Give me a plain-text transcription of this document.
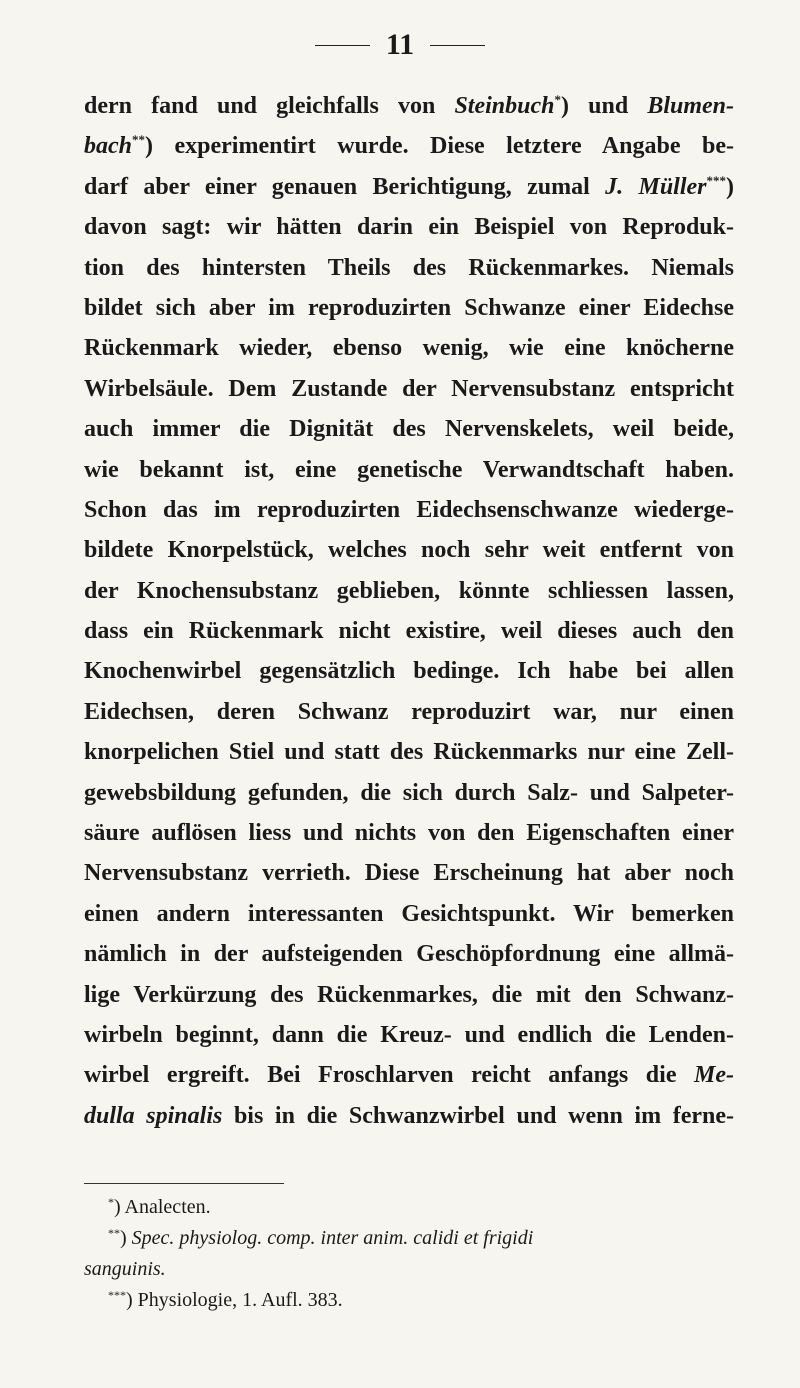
11
dern fand und gleichfalls von Steinbuch*) und Blumen-
bach**) experimentirt wurde. Diese letztere Angabe be-
darf aber einer genauen Berichtigung, zumal J. Müller***)
davon sagt: wir hätten darin ein Beispiel von Reproduk-
tion des hintersten Theils des Rückenmarkes. Niemals
bildet sich aber im reproduzirten Schwanze einer Eidechse
Rückenmark wieder, ebenso wenig, wie eine knöcherne
Wirbelsäule. Dem Zustande der Nervensubstanz entspricht
auch immer die Dignität des Nervenskelets, weil beide,
wie bekannt ist, eine genetische Verwandtschaft haben.
Schon das im reproduzirten Eidechsenschwanze wiederge-
bildete Knorpelstück, welches noch sehr weit entfernt von
der Knochensubstanz geblieben, könnte schliessen lassen,
dass ein Rückenmark nicht existire, weil dieses auch den
Knochenwirbel gegensätzlich bedinge. Ich habe bei allen
Eidechsen, deren Schwanz reproduzirt war, nur einen
knorpelichen Stiel und statt des Rückenmarks nur eine Zell-
gewebsbildung gefunden, die sich durch Salz- und Salpeter-
säure auflösen liess und nichts von den Eigenschaften einer
Nervensubstanz verrieth. Diese Erscheinung hat aber noch
einen andern interessanten Gesichtspunkt. Wir bemerken
nämlich in der aufsteigenden Geschöpfordnung eine allmä-
lige Verkürzung des Rückenmarkes, die mit den Schwanz-
wirbeln beginnt, dann die Kreuz- und endlich die Lenden-
wirbel ergreift. Bei Froschlarven reicht anfangs die Me-
dulla spinalis bis in die Schwanzwirbel und wenn im ferne-
*) Analecten.
**) Spec. physiolog. comp. inter anim. calidi et frigidi
sanguinis.
***) Physiologie, 1. Aufl. 383.
